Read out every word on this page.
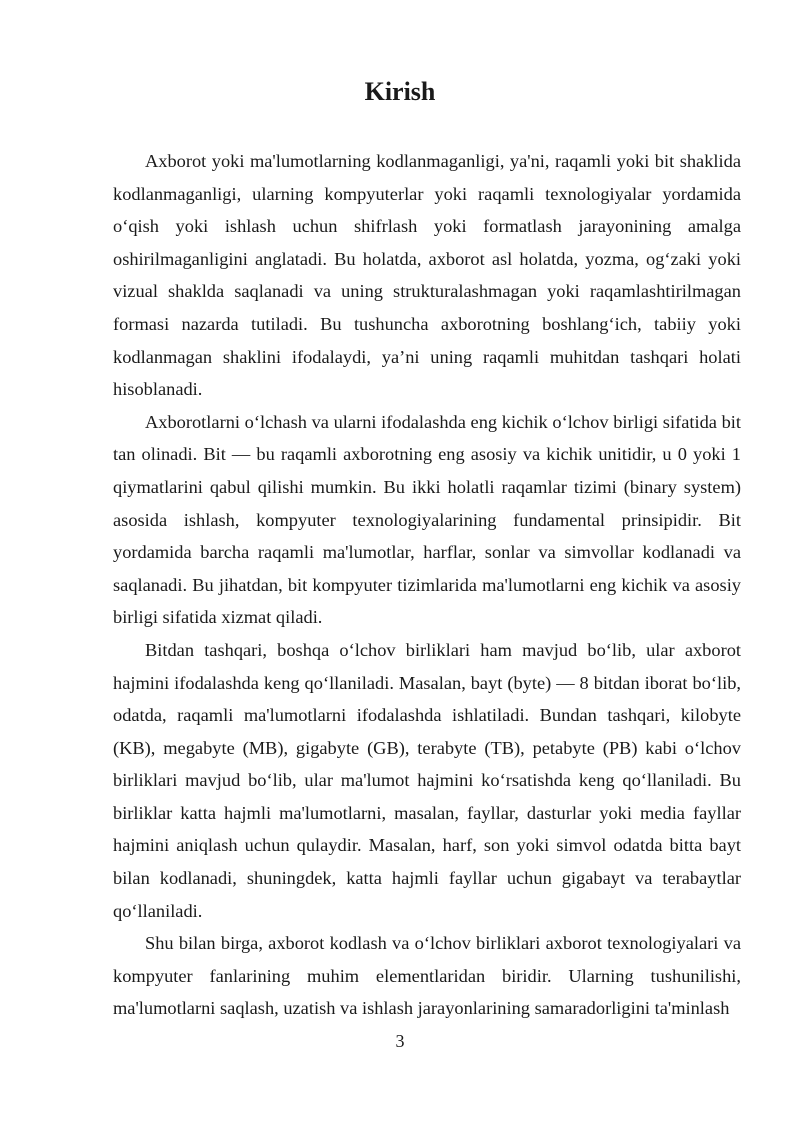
Kirish

Axborot yoki ma'lumotlarning kodlanmaganligi, ya'ni, raqamli yoki bit shaklida kodlanmaganligi, ularning kompyuterlar yoki raqamli texnologiyalar yordamida oʻqish yoki ishlash uchun shifrlash yoki formatlash jarayonining amalga oshirilmaganligini anglatadi. Bu holatda, axborot asl holatda, yozma, ogʻzaki yoki vizual shaklda saqlanadi va uning strukturalashmagan yoki raqamlashtirilmagan formasi nazarda tutiladi. Bu tushuncha axborotning boshlangʻich, tabiiy yoki kodlanmagan shaklini ifodalaydi, ya’ni uning raqamli muhitdan tashqari holati hisoblanadi.

Axborotlarni oʻlchash va ularni ifodalashda eng kichik oʻlchov birligi sifatida bit tan olinadi. Bit — bu raqamli axborotning eng asosiy va kichik unitidir, u 0 yoki 1 qiymatlarini qabul qilishi mumkin. Bu ikki holatli raqamlar tizimi (binary system) asosida ishlash, kompyuter texnologiyalarining fundamental prinsipidir. Bit yordamida barcha raqamli ma'lumotlar, harflar, sonlar va simvollar kodlanadi va saqlanadi. Bu jihatdan, bit kompyuter tizimlarida ma'lumotlarni eng kichik va asosiy birligi sifatida xizmat qiladi.

Bitdan tashqari, boshqa oʻlchov birliklari ham mavjud boʻlib, ular axborot hajmini ifodalashda keng qoʻllaniladi. Masalan, bayt (byte) — 8 bitdan iborat boʻlib, odatda, raqamli ma'lumotlarni ifodalashda ishlatiladi. Bundan tashqari, kilobyte (KB), megabyte (MB), gigabyte (GB), terabyte (TB), petabyte (PB) kabi oʻlchov birliklari mavjud boʻlib, ular ma'lumot hajmini koʻrsatishda keng qoʻllaniladi. Bu birliklar katta hajmli ma'lumotlarni, masalan, fayllar, dasturlar yoki media fayllar hajmini aniqlash uchun qulaydir. Masalan, harf, son yoki simvol odatda bitta bayt bilan kodlanadi, shuningdek, katta hajmli fayllar uchun gigabayt va terabaytlar qoʻllaniladi.

Shu bilan birga, axborot kodlash va oʻlchov birliklari axborot texnologiyalari va kompyuter fanlarining muhim elementlaridan biridir. Ularning tushunilishi, ma'lumotlarni saqlash, uzatish va ishlash jarayonlarining samaradorligini ta'minlash

3
